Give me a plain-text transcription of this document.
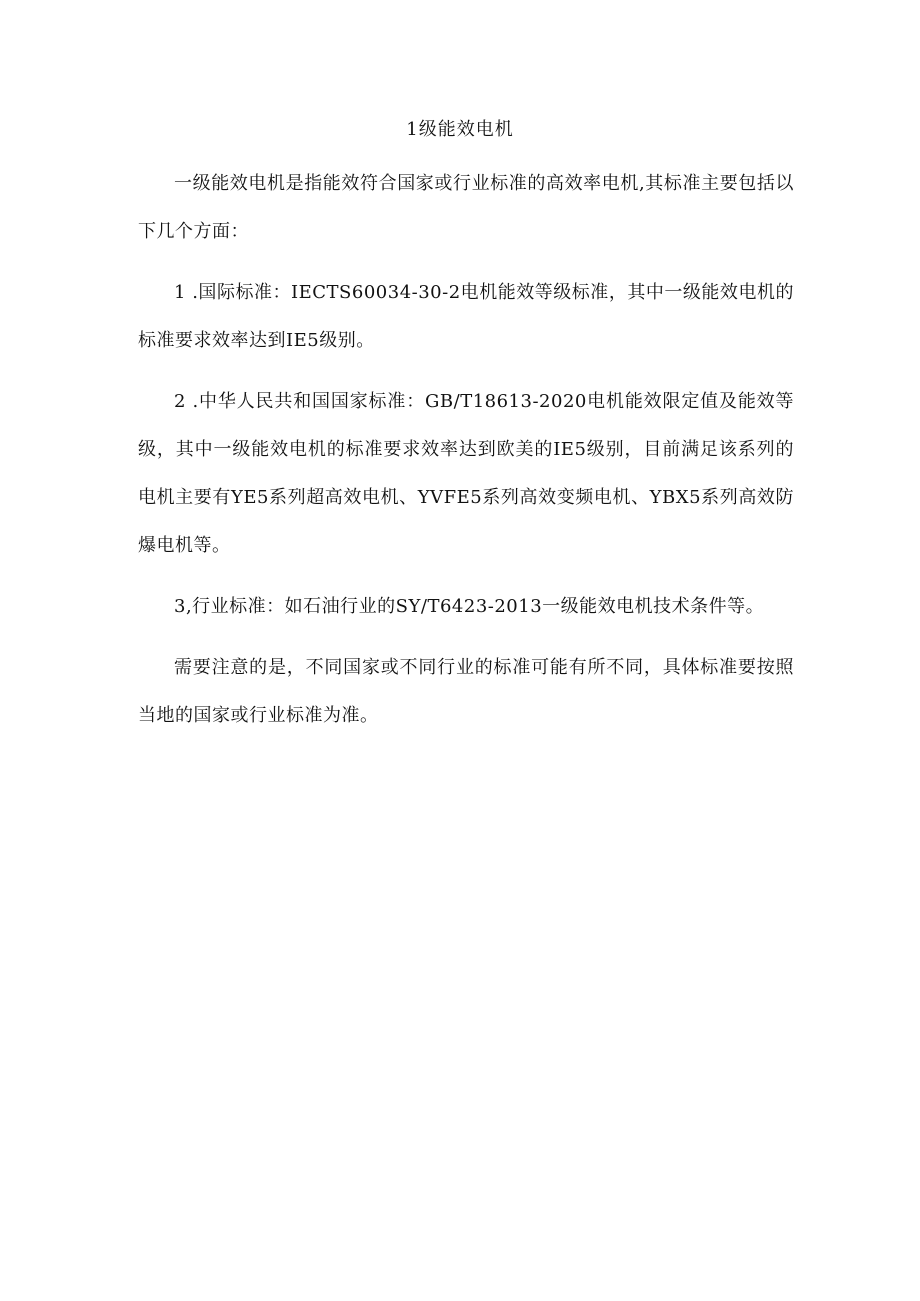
1级能效电机

一级能效电机是指能效符合国家或行业标准的高效率电机,其标准主要包括以下几个方面：

1 .国际标准：IECTS60034-30-2电机能效等级标准，其中一级能效电机的标准要求效率达到IE5级别。

2 .中华人民共和国国家标准：GB/T18613-2020电机能效限定值及能效等级，其中一级能效电机的标准要求效率达到欧美的IE5级别，目前满足该系列的电机主要有YE5系列超高效电机、YVFE5系列高效变频电机、YBX5系列高效防爆电机等。

3,行业标准：如石油行业的SY/T6423-2013一级能效电机技术条件等。

需要注意的是，不同国家或不同行业的标准可能有所不同，具体标准要按照当地的国家或行业标准为准。
